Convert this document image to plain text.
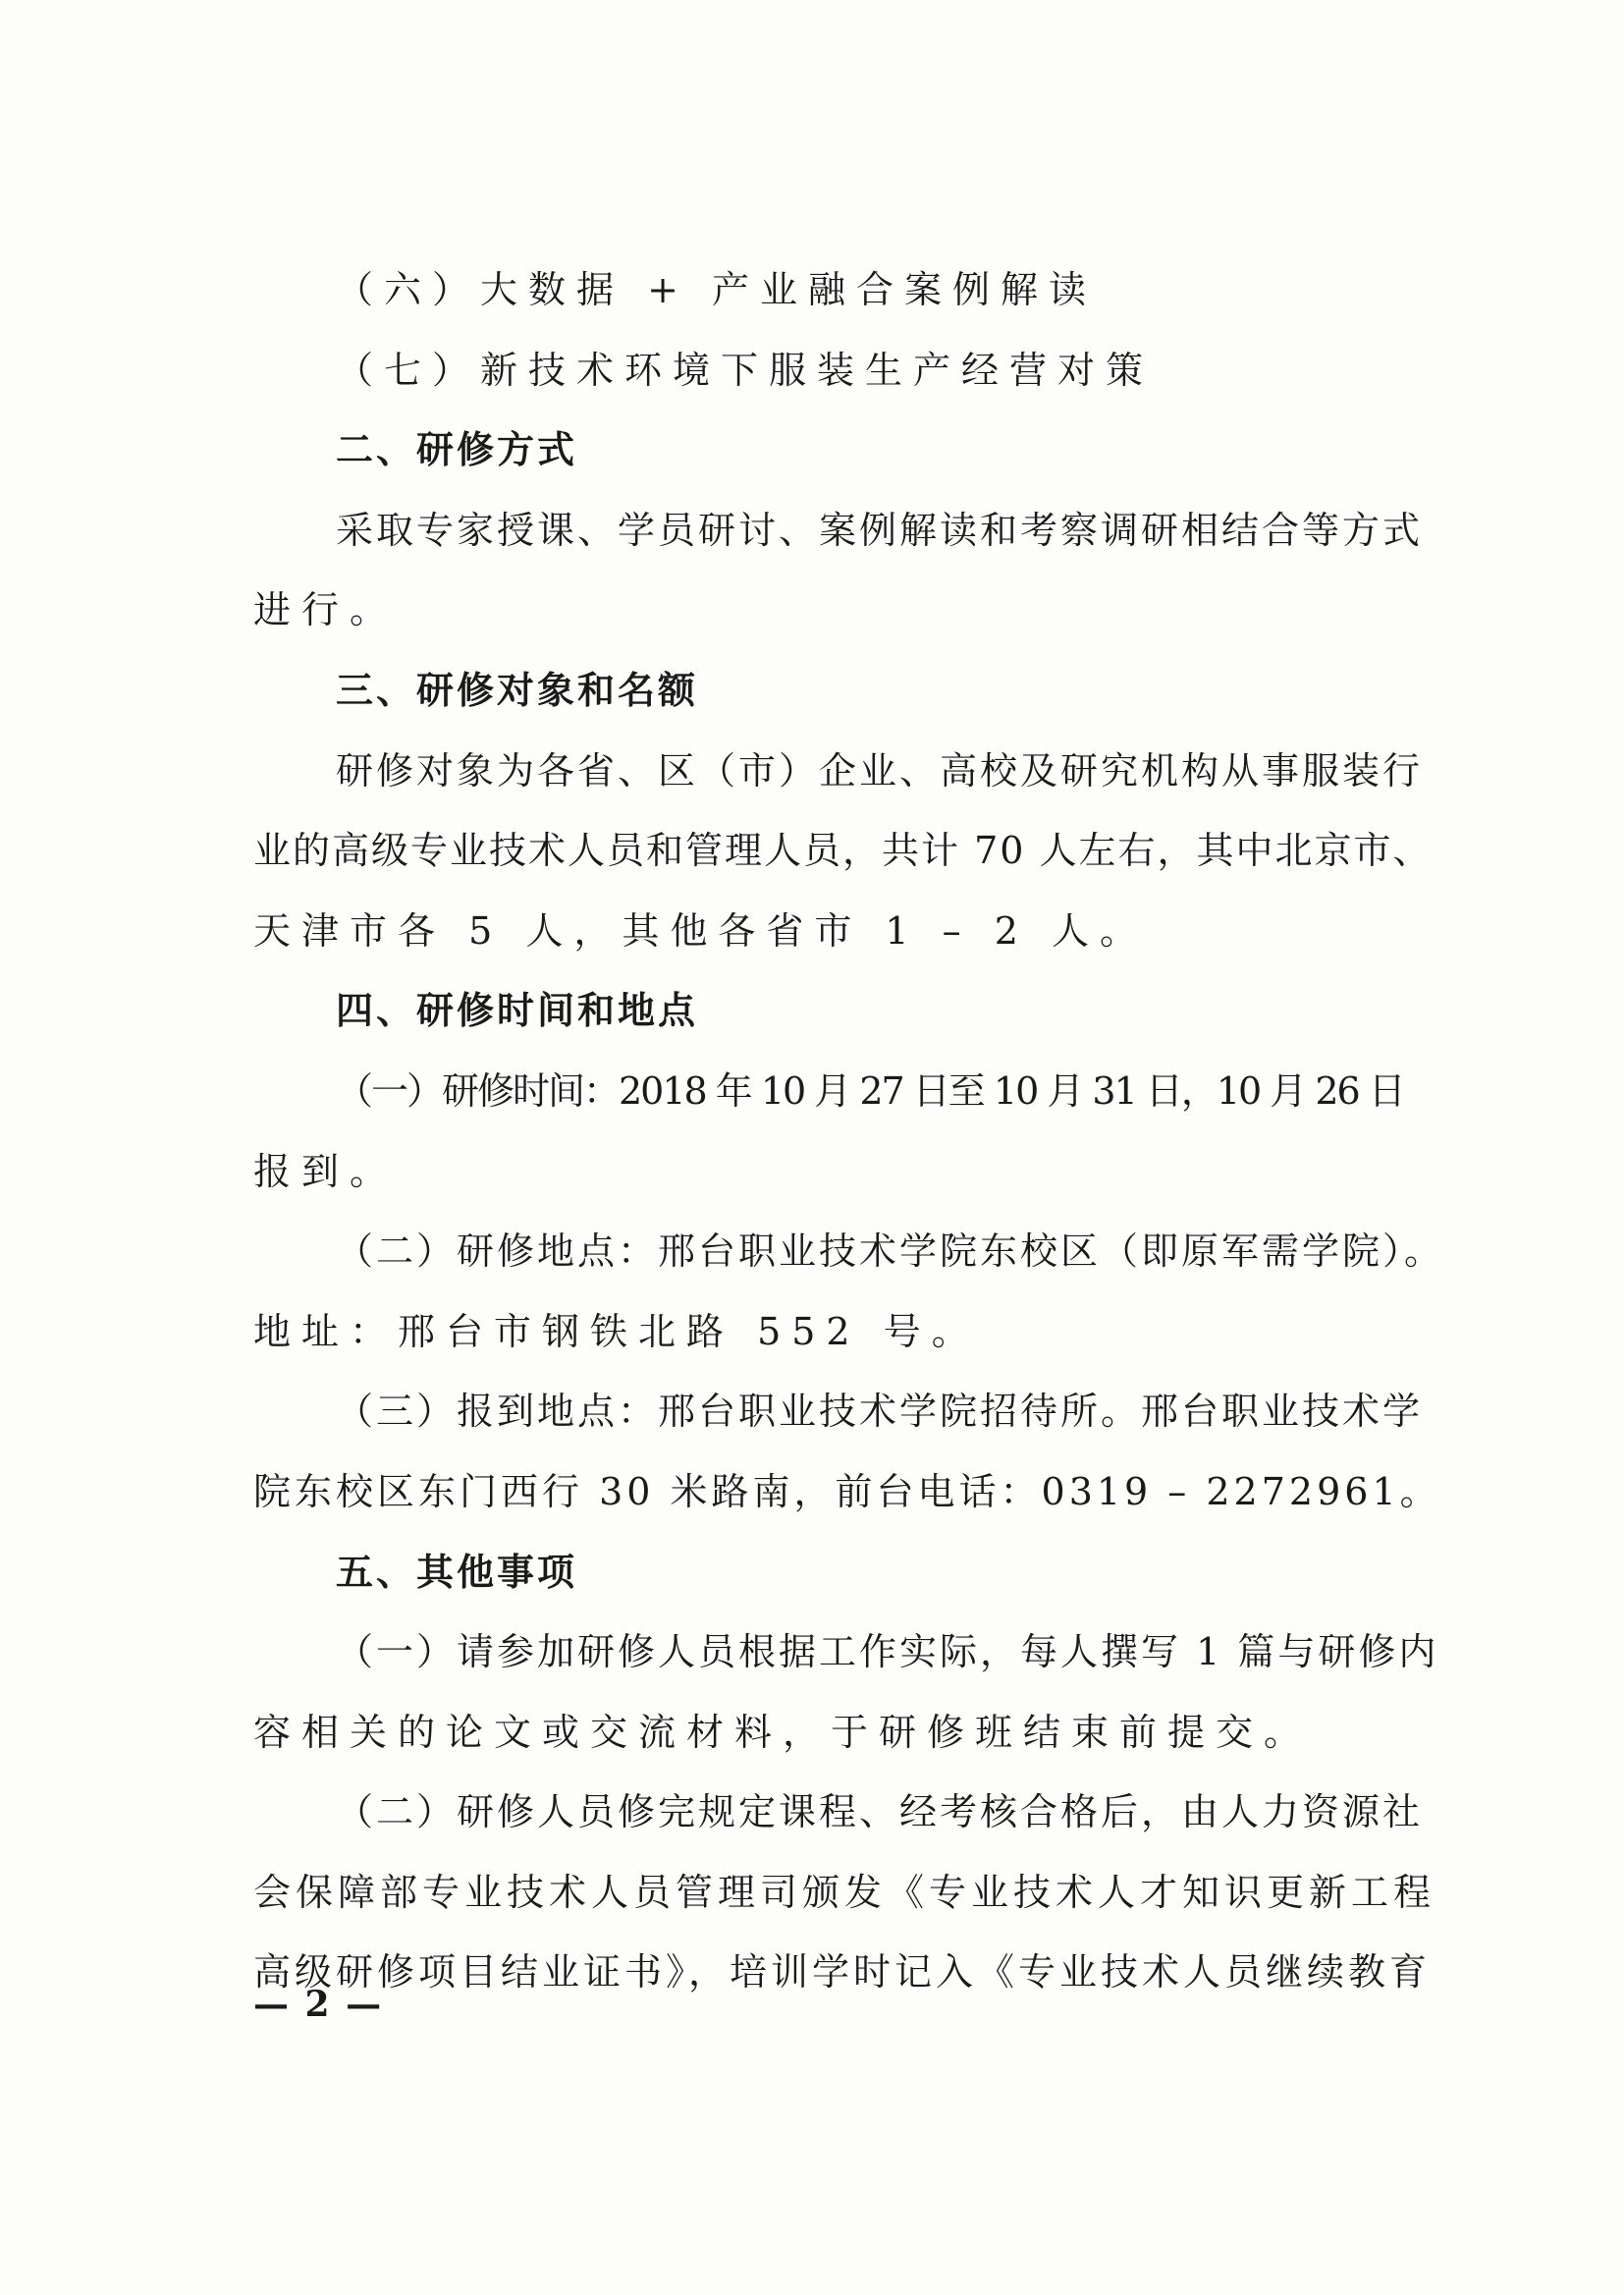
（六）大数据 + 产业融合案例解读
（七）新技术环境下服装生产经营对策
二、研修方式
采取专家授课、学员研讨、案例解读和考察调研相结合等方式
进行。
三、研修对象和名额
研修对象为各省、区（市）企业、高校及研究机构从事服装行
业的高级专业技术人员和管理人员，共计 70 人左右，其中北京市、
天津市各 5 人，其他各省市 1 – 2 人。
四、研修时间和地点
（一）研修时间：2018 年 10 月 27 日至 10 月 31 日，10 月 26 日
报到。
（二）研修地点：邢台职业技术学院东校区（即原军需学院）。
地址：邢台市钢铁北路 552 号。
（三）报到地点：邢台职业技术学院招待所。邢台职业技术学
院东校区东门西行 30 米路南，前台电话：0319 – 2272961。
五、其他事项
（一）请参加研修人员根据工作实际，每人撰写 1 篇与研修内
容相关的论文或交流材料，于研修班结束前提交。
（二）研修人员修完规定课程、经考核合格后，由人力资源社
会保障部专业技术人员管理司颁发《专业技术人才知识更新工程
高级研修项目结业证书》，培训学时记入《专业技术人员继续教育
— 2 —
